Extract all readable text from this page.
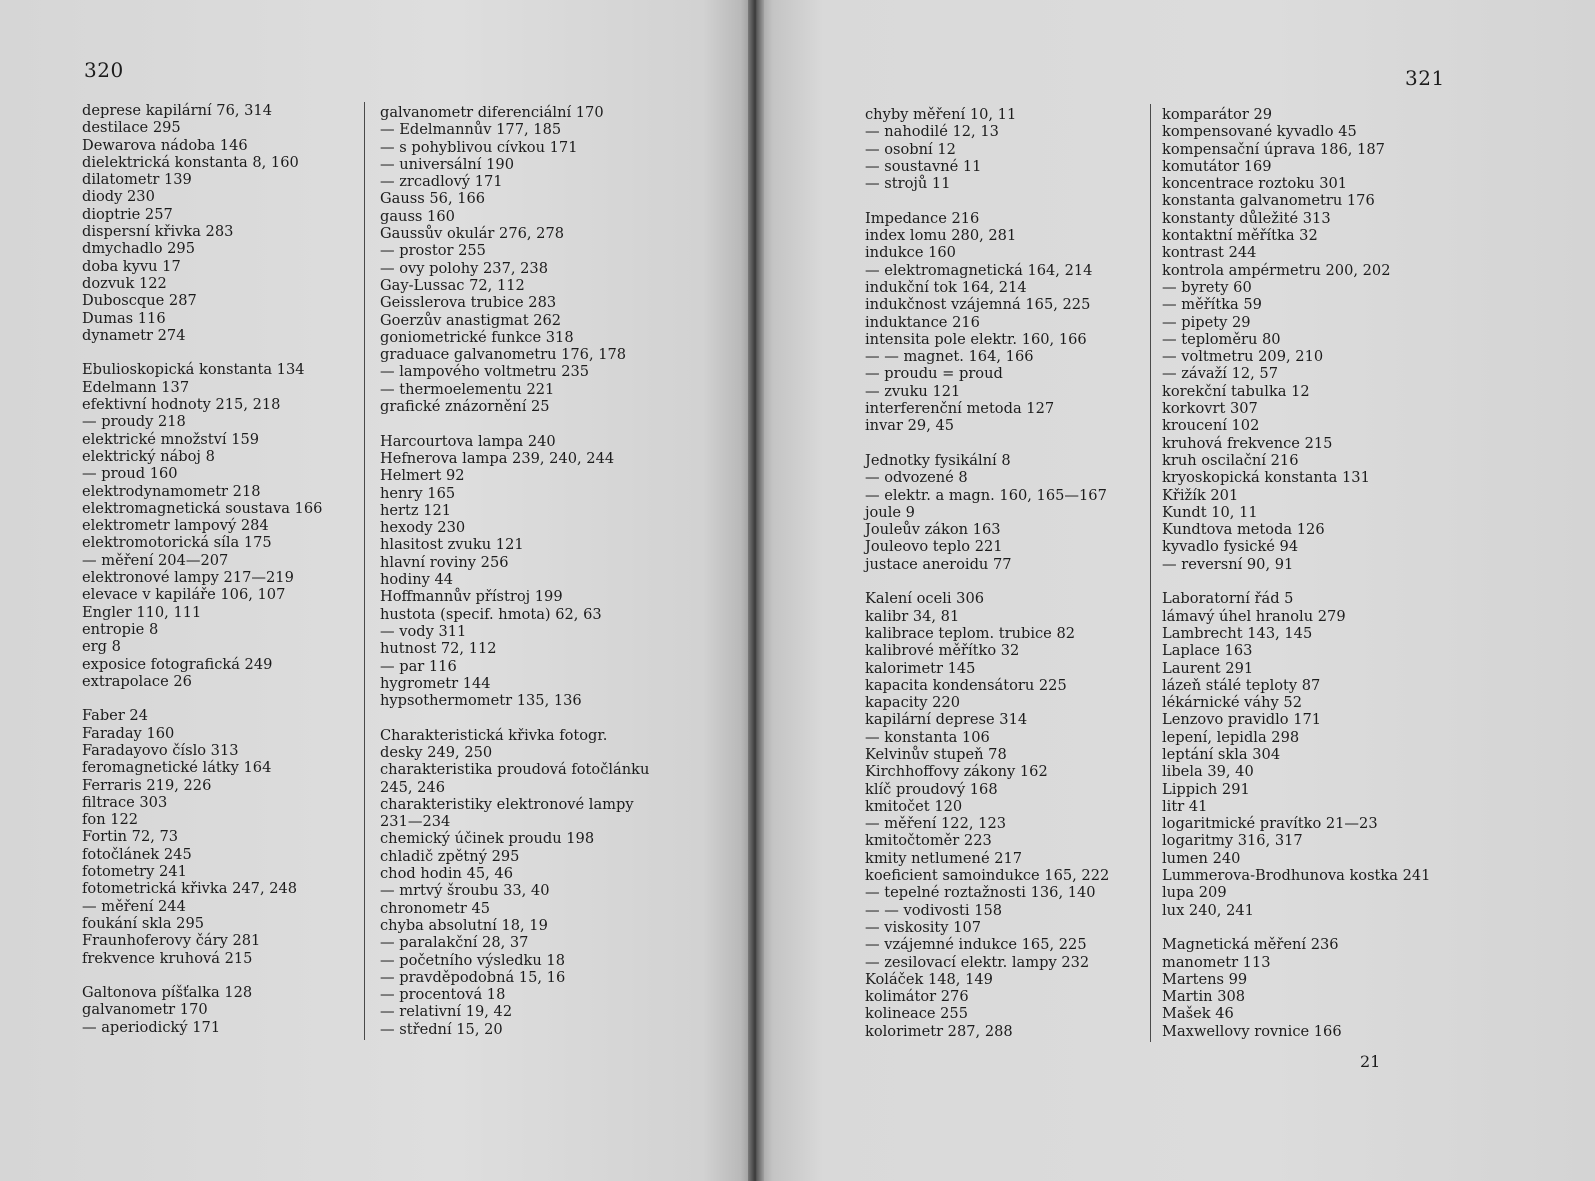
320
deprese kapilární 76, 314
destilace 295
Dewarova nádoba 146
dielektrická konstanta 8, 160
dilatometr 139
diody 230
dioptrie 257
dispersní křivka 283
dmychadlo 295
doba kyvu 17
dozvuk 122
Duboscque 287
Dumas 116
dynametr 274
Ebulioskopická konstanta 134
Edelmann 137
efektivní hodnoty 215, 218
— proudy 218
elektrické množství 159
elektrický náboj 8
— proud 160
elektrodynamometr 218
elektromagnetická soustava 166
elektrometr lampový 284
elektromotorická síla 175
— měření 204—207
elektronové lampy 217—219
elevace v kapiláře 106, 107
Engler 110, 111
entropie 8
erg 8
exposice fotografická 249
extrapolace 26
Faber 24
Faraday 160
Faradayovo číslo 313
feromagnetické látky 164
Ferraris 219, 226
filtrace 303
fon 122
Fortin 72, 73
fotočlánek 245
fotometry 241
fotometrická křivka 247, 248
— měření 244
foukání skla 295
Fraunhoferovy čáry 281
frekvence kruhová 215
Galtonova píšťalka 128
galvanometr 170
— aperiodický 171
galvanometr diferenciální 170
— Edelmannův 177, 185
— s pohyblivou cívkou 171
— universální 190
— zrcadlový 171
Gauss 56, 166
gauss 160
Gaussův okulár 276, 278
— prostor 255
— ovy polohy 237, 238
Gay-Lussac 72, 112
Geisslerova trubice 283
Goerzův anastigmat 262
goniometrické funkce 318
graduace galvanometru 176, 178
— lampového voltmetru 235
— thermoelementu 221
grafické znázornění 25
Harcourtova lampa 240
Hefnerova lampa 239, 240, 244
Helmert 92
henry 165
hertz 121
hexody 230
hlasitost zvuku 121
hlavní roviny 256
hodiny 44
Hoffmannův přístroj 199
hustota (specif. hmota) 62, 63
— vody 311
hutnost 72, 112
— par 116
hygrometr 144
hypsothermometr 135, 136
Charakteristická křivka fotogr. desky 249, 250
charakteristika proudová fotočlánku 245, 246
charakteristiky elektronové lampy 231—234
chemický účinek proudu 198
chladič zpětný 295
chod hodin 45, 46
— mrtvý šroubu 33, 40
chronometr 45
chyba absolutní 18, 19
— paralakční 28, 37
— početního výsledku 18
— pravděpodobná 15, 16
— procentová 18
— relativní 19, 42
— střední 15, 20
321
chyby měření 10, 11
— nahodilé 12, 13
— osobní 12
— soustavné 11
— strojů 11
Impedance 216
index lomu 280, 281
indukce 160
— elektromagnetická 164, 214
indukční tok 164, 214
indukčnost vzájemná 165, 225
induktance 216
intensita pole elektr. 160, 166
— — magnet. 164, 166
— proudu = proud
— zvuku 121
interferenční metoda 127
invar 29, 45
Jednotky fysikální 8
— odvozené 8
— elektr. a magn. 160, 165—167
joule 9
Jouleův zákon 163
Jouleovo teplo 221
justace aneroidu 77
Kalení oceli 306
kalibr 34, 81
kalibrace teplom. trubice 82
kalibrové měřítko 32
kalorimetr 145
kapacita kondensátoru 225
kapacity 220
kapilární deprese 314
— konstanta 106
Kelvinův stupeň 78
Kirchhoffovy zákony 162
klíč proudový 168
kmitočet 120
— měření 122, 123
kmitočtoměr 223
kmity netlumené 217
koeficient samoindukce 165, 222
— tepelné roztažnosti 136, 140
— — vodivosti 158
— viskosity 107
— vzájemné indukce 165, 225
— zesilovací elektr. lampy 232
Koláček 148, 149
kolimátor 276
kolineace 255
kolorimetr 287, 288
komparátor 29
kompensované kyvadlo 45
kompensační úprava 186, 187
komutátor 169
koncentrace roztoku 301
konstanta galvanometru 176
konstanty důležité 313
kontaktní měřítka 32
kontrast 244
kontrola ampérmetru 200, 202
— byrety 60
— měřítka 59
— pipety 29
— teploměru 80
— voltmetru 209, 210
— závaží 12, 57
korekční tabulka 12
korkovrt 307
kroucení 102
kruhová frekvence 215
kruh oscilační 216
kryoskopická konstanta 131
Křižík 201
Kundt 10, 11
Kundtova metoda 126
kyvadlo fysické 94
— reversní 90, 91
Laboratorní řád 5
lámavý úhel hranolu 279
Lambrecht 143, 145
Laplace 163
Laurent 291
lázeň stálé teploty 87
lékárnické váhy 52
Lenzovo pravidlo 171
lepení, lepidla 298
leptání skla 304
libela 39, 40
Lippich 291
litr 41
logaritmické pravítko 21—23
logaritmy 316, 317
lumen 240
Lummerova-Brodhunova kostka 241
lupa 209
lux 240, 241
Magnetická měření 236
manometr 113
Martens 99
Martin 308
Mašek 46
Maxwellovy rovnice 166
21
